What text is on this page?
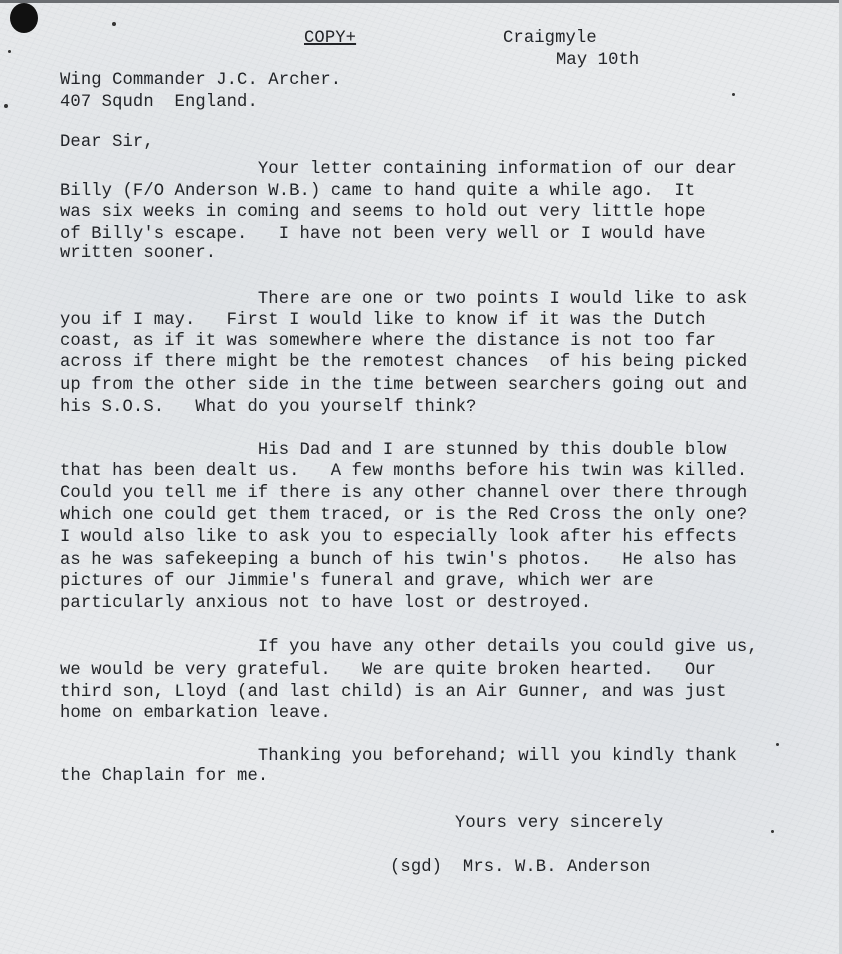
COPY+	Craigmyle
May 10th
Wing Commander J.C. Archer.
407 Squdn  England.
Dear Sir,
Your letter containing information of our dear
Billy (F/O Anderson W.B.) came to hand quite a while ago.  It
was six weeks in coming and seems to hold out very little hope
of Billy's escape.   I have not been very well or I would have
written sooner.
There are one or two points I would like to ask
you if I may.   First I would like to know if it was the Dutch
coast, as if it was somewhere where the distance is not too far
across if there might be the remotest chances  of his being picked
up from the other side in the time between searchers going out and
his S.O.S.   What do you yourself think?
His Dad and I are stunned by this double blow
that has been dealt us.   A few months before his twin was killed.
Could you tell me if there is any other channel over there through
which one could get them traced, or is the Red Cross the only one?
I would also like to ask you to especially look after his effects
as he was safekeeping a bunch of his twin's photos.   He also has
pictures of our Jimmie's funeral and grave, which wer are
particularly anxious not to have lost or destroyed.
If you have any other details you could give us,
we would be very grateful.   We are quite broken hearted.   Our
third son, Lloyd (and last child) is an Air Gunner, and was just
home on embarkation leave.
Thanking you beforehand; will you kindly thank
the Chaplain for me.
Yours very sincerely
(sgd)  Mrs. W.B. Anderson
